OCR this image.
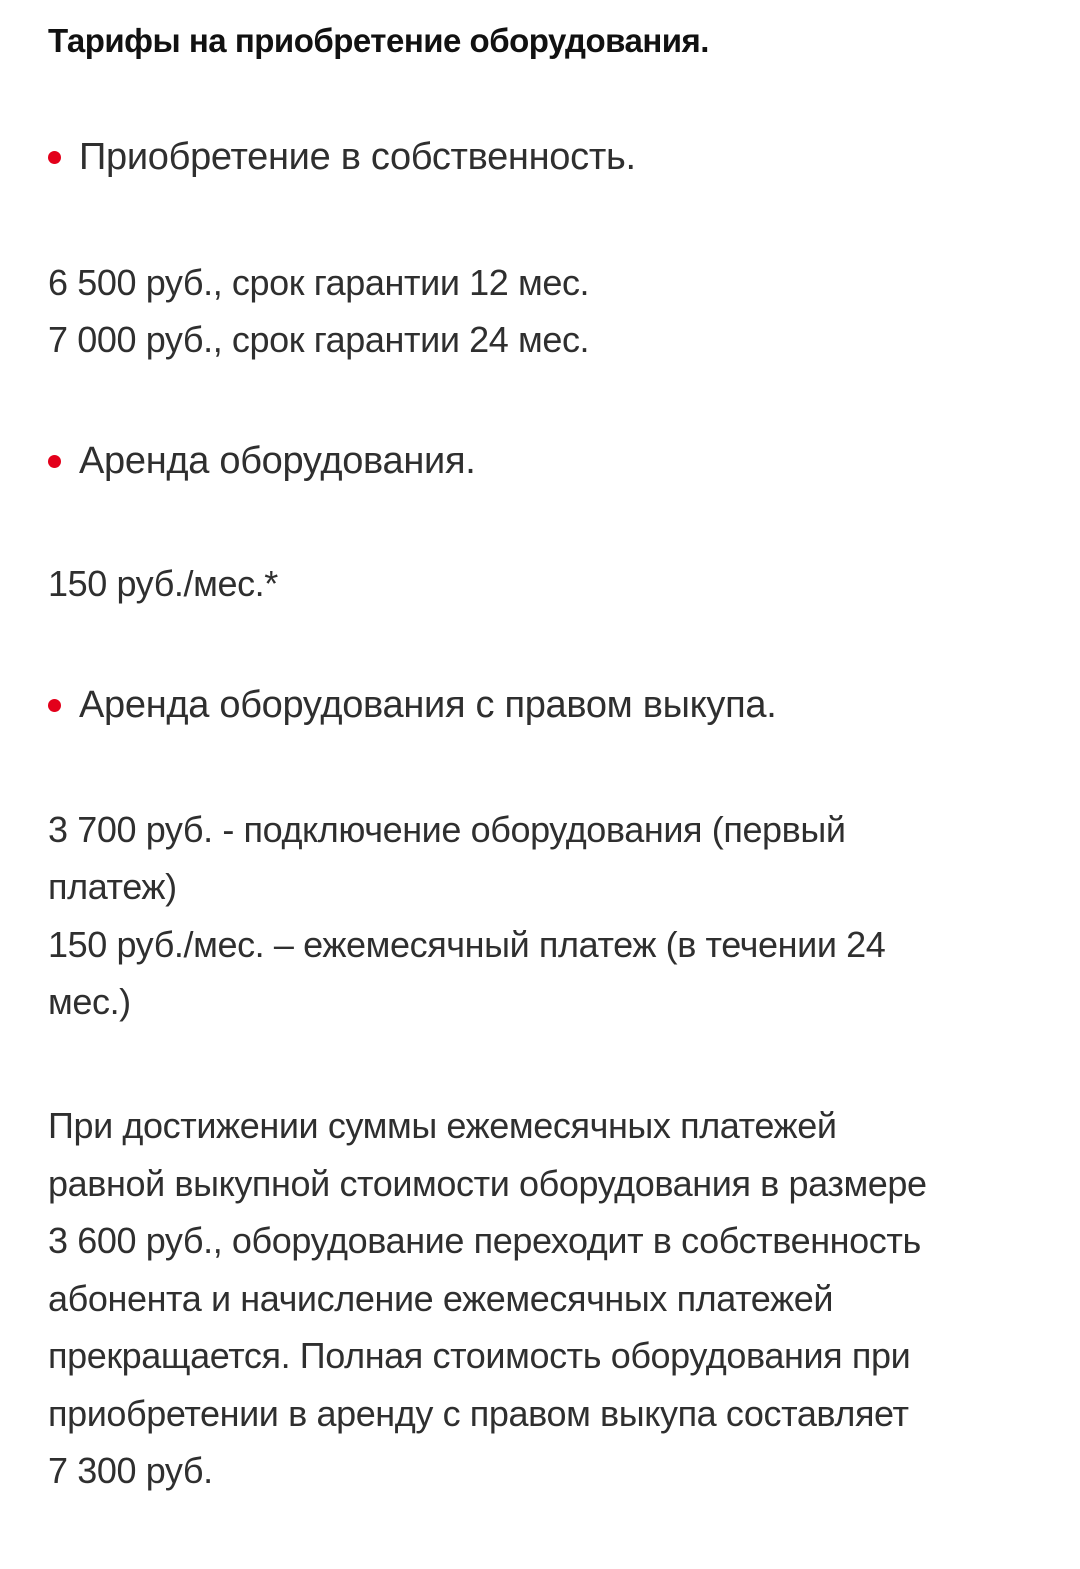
Тарифы на приобретение оборудования.
Приобретение в собственность.
6 500 руб., срок гарантии 12 мес.
7 000 руб., срок гарантии 24 мес.
Аренда оборудования.
150 руб./мес.*
Аренда оборудования с правом выкупа.
3 700 руб. - подключение оборудования (первый
платеж)
150 руб./мес. – ежемесячный платеж (в течении 24
мес.)
При достижении суммы ежемесячных платежей
равной выкупной стоимости оборудования в размере
3 600 руб., оборудование переходит в собственность
абонента и начисление ежемесячных платежей
прекращается. Полная стоимость оборудования при
приобретении в аренду с правом выкупа составляет
7 300 руб.
